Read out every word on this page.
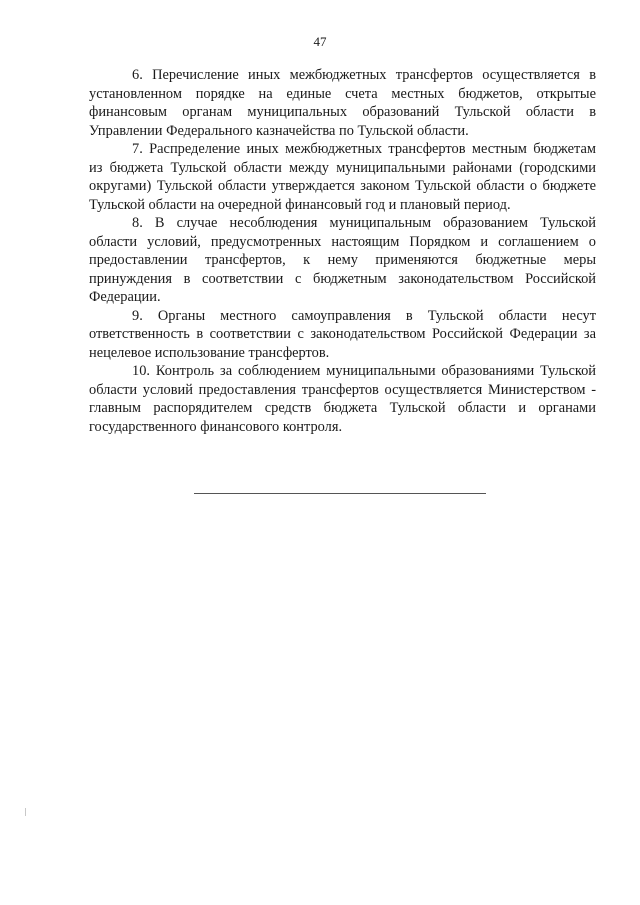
47

6. Перечисление иных межбюджетных трансфертов осуществляется в установленном порядке на единые счета местных бюджетов, открытые финансовым органам муниципальных образований Тульской области в Управлении Федерального казначейства по Тульской области.

7. Распределение иных межбюджетных трансфертов местным бюджетам из бюджета Тульской области между муниципальными районами (городскими округами) Тульской области утверждается законом Тульской области о бюджете Тульской области на очередной финансовый год и плановый период.

8. В случае несоблюдения муниципальным образованием Тульской области условий, предусмотренных настоящим Порядком и соглашением о предоставлении трансфертов, к нему применяются бюджетные меры принуждения в соответствии с бюджетным законодательством Российской Федерации.

9. Органы местного самоуправления в Тульской области несут ответственность в соответствии с законодательством Российской Федерации за нецелевое использование трансфертов.

10. Контроль за соблюдением муниципальными образованиями Тульской области условий предоставления трансфертов осуществляется Министерством - главным распорядителем средств бюджета Тульской области и органами государственного финансового контроля.
